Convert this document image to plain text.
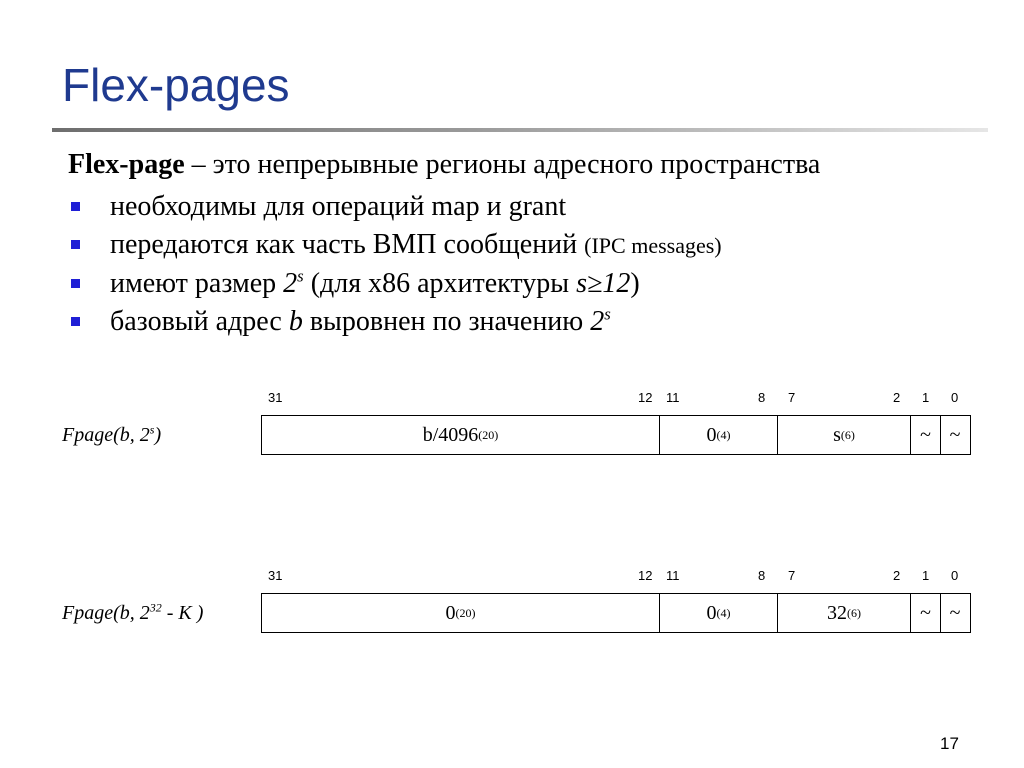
Flex-pages
Flex-page – это непрерывные регионы адресного пространства
необходимы для операций map и grant
передаются как часть ВМП сообщений (IPC messages)
имеют размер 2$^s$ (для x86 архитектуры s≥12)
базовый адрес b выровнен по значению 2$^s$
31	12 11	8 7	2 1 0
Fpage(b, 2$^s$)	b/4096 (20)	0 (4)	s (6)	~ ~
31	12 11	8 7	2 1 0
Fpage(b, $2^{32}$ - K )	0 (20)	0 (4)	32 (6)	~ ~
17
